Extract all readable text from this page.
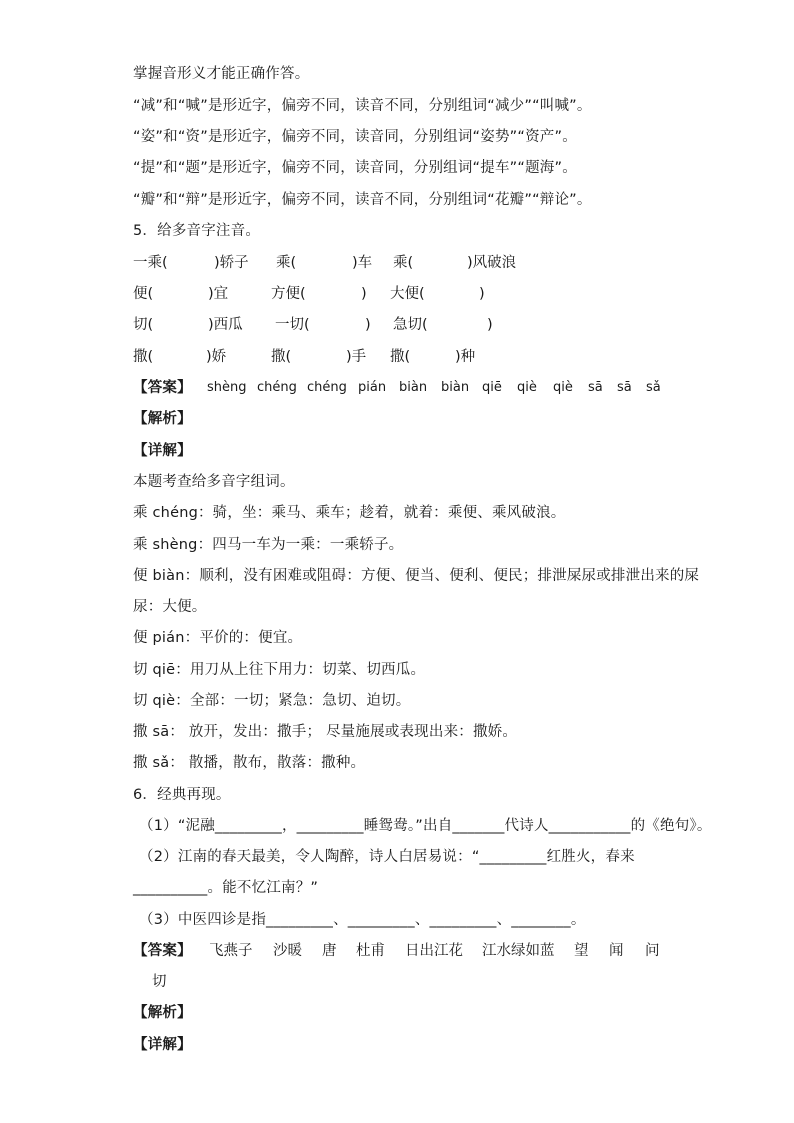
掌握音形义才能正确作答。
“减”和“喊”是形近字，偏旁不同，读音不同，分别组词“减少”“叫喊”。
“姿”和“资”是形近字，偏旁不同，读音同，分别组词“姿势”“资产”。
“提”和“题”是形近字，偏旁不同，读音同，分别组词“提车”“题海”。
“瓣”和“辩”是形近字，偏旁不同，读音不同，分别组词“花瓣”“辩论”。
5．给多音字注音。
一乘(	)轿子 乘(	)车 乘(	)风破浪
便(	)宜	方便(	) 大便(	)
切(	)西瓜 一切(	) 急切(	)
撒(	)娇	撒(	)手 撒(	)种
【答案】 shèng chéng chéng pián biàn biàn qiē qiè qiè sā sā sǎ
【解析】
【详解】
本题考查给多音字组词。
乘 chéng：骑，坐：乘马、乘车；趁着，就着：乘便、乘风破浪。
乘 shèng：四马一车为一乘：一乘轿子。
便 biàn：顺利，没有困难或阻碍：方便、便当、便利、便民；排泄屎尿或排泄出来的屎
尿：大便。
便 pián：平价的：便宜。
切 qiē：用刀从上往下用力：切菜、切西瓜。
切 qiè：全部：一切；紧急：急切、迫切。
撒 sā： 放开，发出：撒手； 尽量施展或表现出来：撒娇。
撒 sǎ： 散播，散布，散落：撒种。
6．经典再现。
（1）“泥融_________，_________睡鸳鸯。”出自_______代诗人___________的《绝句》。
（2）江南的春天最美，令人陶醉，诗人白居易说：“_________红胜火，春来
__________。能不忆江南？”
（3）中医四诊是指_________、_________、_________、________。
【答案】 飞燕子 沙暖 唐 杜甫 日出江花 江水绿如蓝 望 闻 问
切
【解析】
【详解】
